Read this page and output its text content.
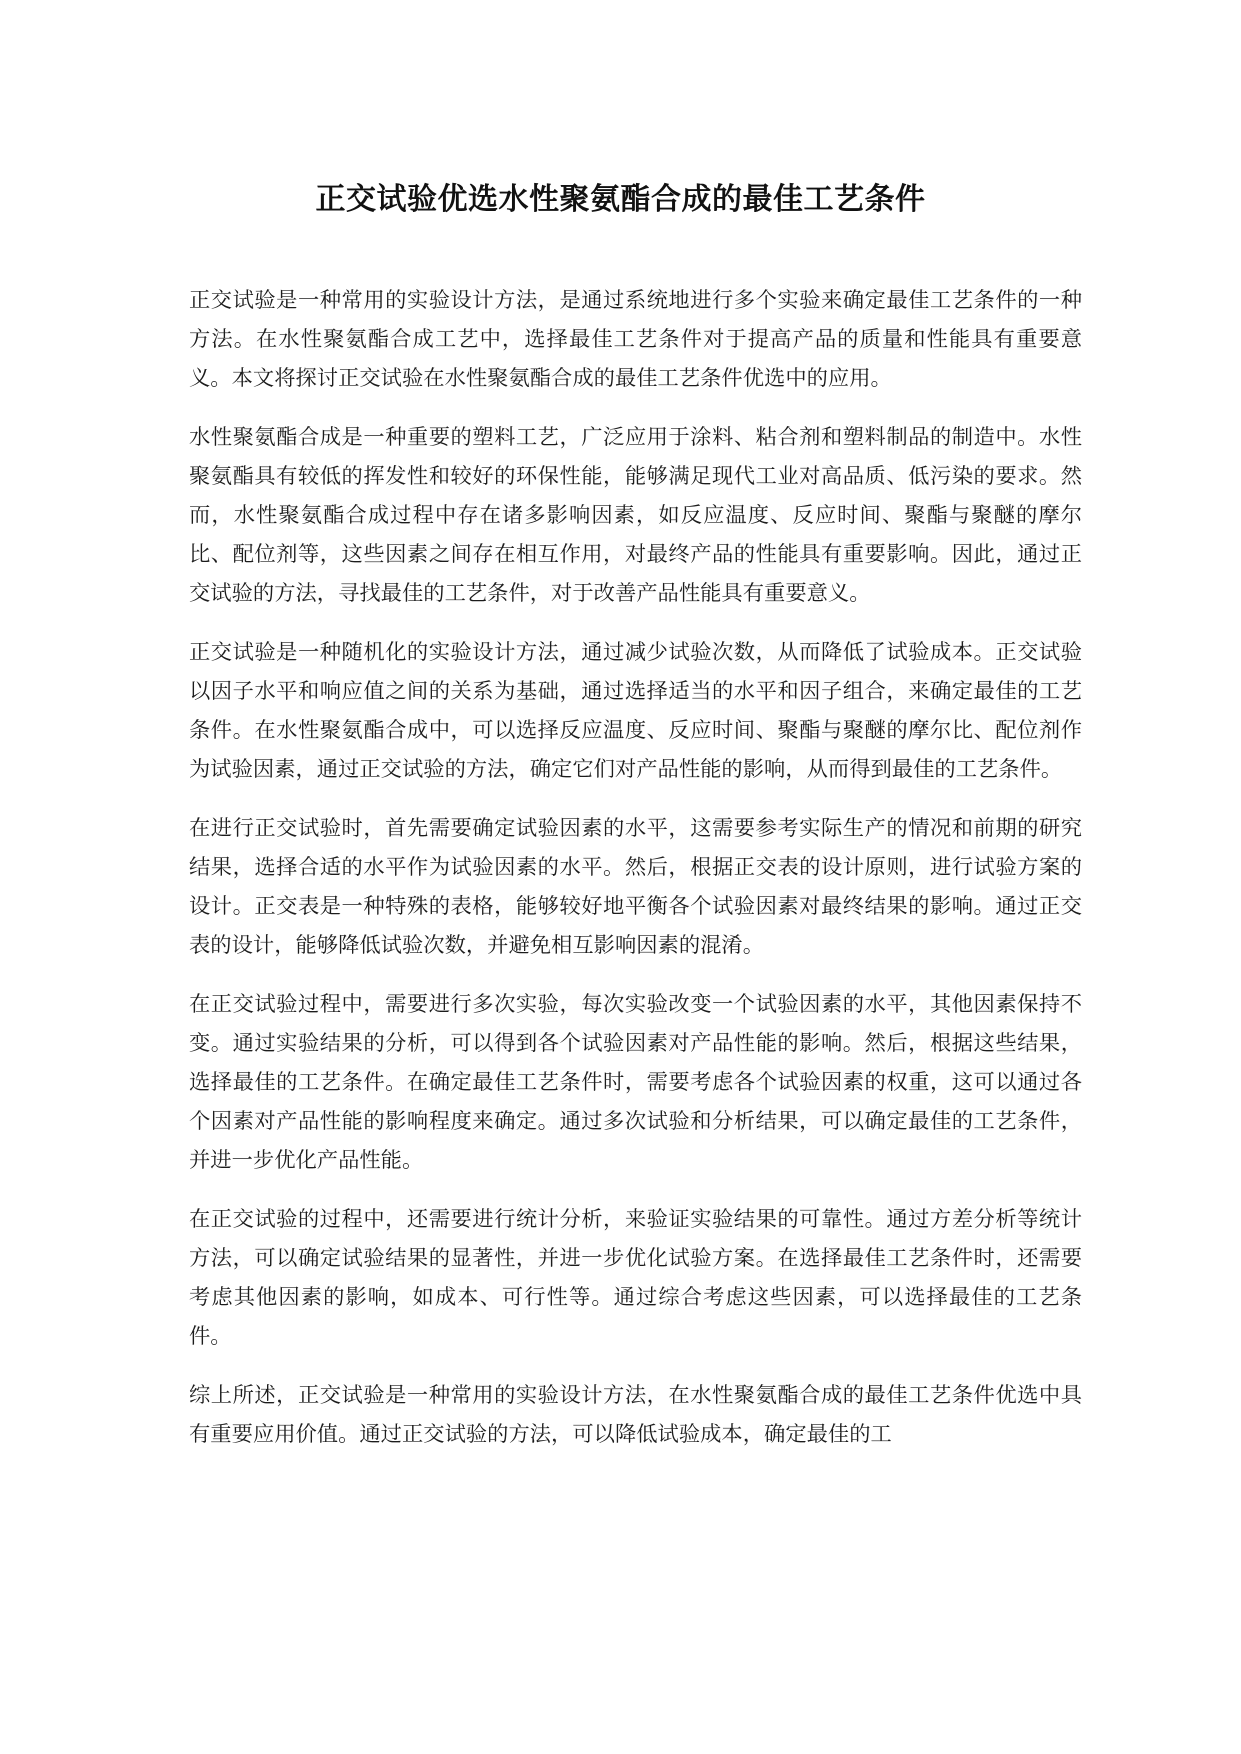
正交试验优选水性聚氨酯合成的最佳工艺条件

正交试验是一种常用的实验设计方法，是通过系统地进行多个实验来确定最佳工艺条件的一种方法。在水性聚氨酯合成工艺中，选择最佳工艺条件对于提高产品的质量和性能具有重要意义。本文将探讨正交试验在水性聚氨酯合成的最佳工艺条件优选中的应用。

水性聚氨酯合成是一种重要的塑料工艺，广泛应用于涂料、粘合剂和塑料制品的制造中。水性聚氨酯具有较低的挥发性和较好的环保性能，能够满足现代工业对高品质、低污染的要求。然而，水性聚氨酯合成过程中存在诸多影响因素，如反应温度、反应时间、聚酯与聚醚的摩尔比、配位剂等，这些因素之间存在相互作用，对最终产品的性能具有重要影响。因此，通过正交试验的方法，寻找最佳的工艺条件，对于改善产品性能具有重要意义。

正交试验是一种随机化的实验设计方法，通过减少试验次数，从而降低了试验成本。正交试验以因子水平和响应值之间的关系为基础，通过选择适当的水平和因子组合，来确定最佳的工艺条件。在水性聚氨酯合成中，可以选择反应温度、反应时间、聚酯与聚醚的摩尔比、配位剂作为试验因素，通过正交试验的方法，确定它们对产品性能的影响，从而得到最佳的工艺条件。

在进行正交试验时，首先需要确定试验因素的水平，这需要参考实际生产的情况和前期的研究结果，选择合适的水平作为试验因素的水平。然后，根据正交表的设计原则，进行试验方案的设计。正交表是一种特殊的表格，能够较好地平衡各个试验因素对最终结果的影响。通过正交表的设计，能够降低试验次数，并避免相互影响因素的混淆。

在正交试验过程中，需要进行多次实验，每次实验改变一个试验因素的水平，其他因素保持不变。通过实验结果的分析，可以得到各个试验因素对产品性能的影响。然后，根据这些结果，选择最佳的工艺条件。在确定最佳工艺条件时，需要考虑各个试验因素的权重，这可以通过各个因素对产品性能的影响程度来确定。通过多次试验和分析结果，可以确定最佳的工艺条件，并进一步优化产品性能。

在正交试验的过程中，还需要进行统计分析，来验证实验结果的可靠性。通过方差分析等统计方法，可以确定试验结果的显著性，并进一步优化试验方案。在选择最佳工艺条件时，还需要考虑其他因素的影响，如成本、可行性等。通过综合考虑这些因素，可以选择最佳的工艺条件。

综上所述，正交试验是一种常用的实验设计方法，在水性聚氨酯合成的最佳工艺条件优选中具有重要应用价值。通过正交试验的方法，可以降低试验成本，确定最佳的工
